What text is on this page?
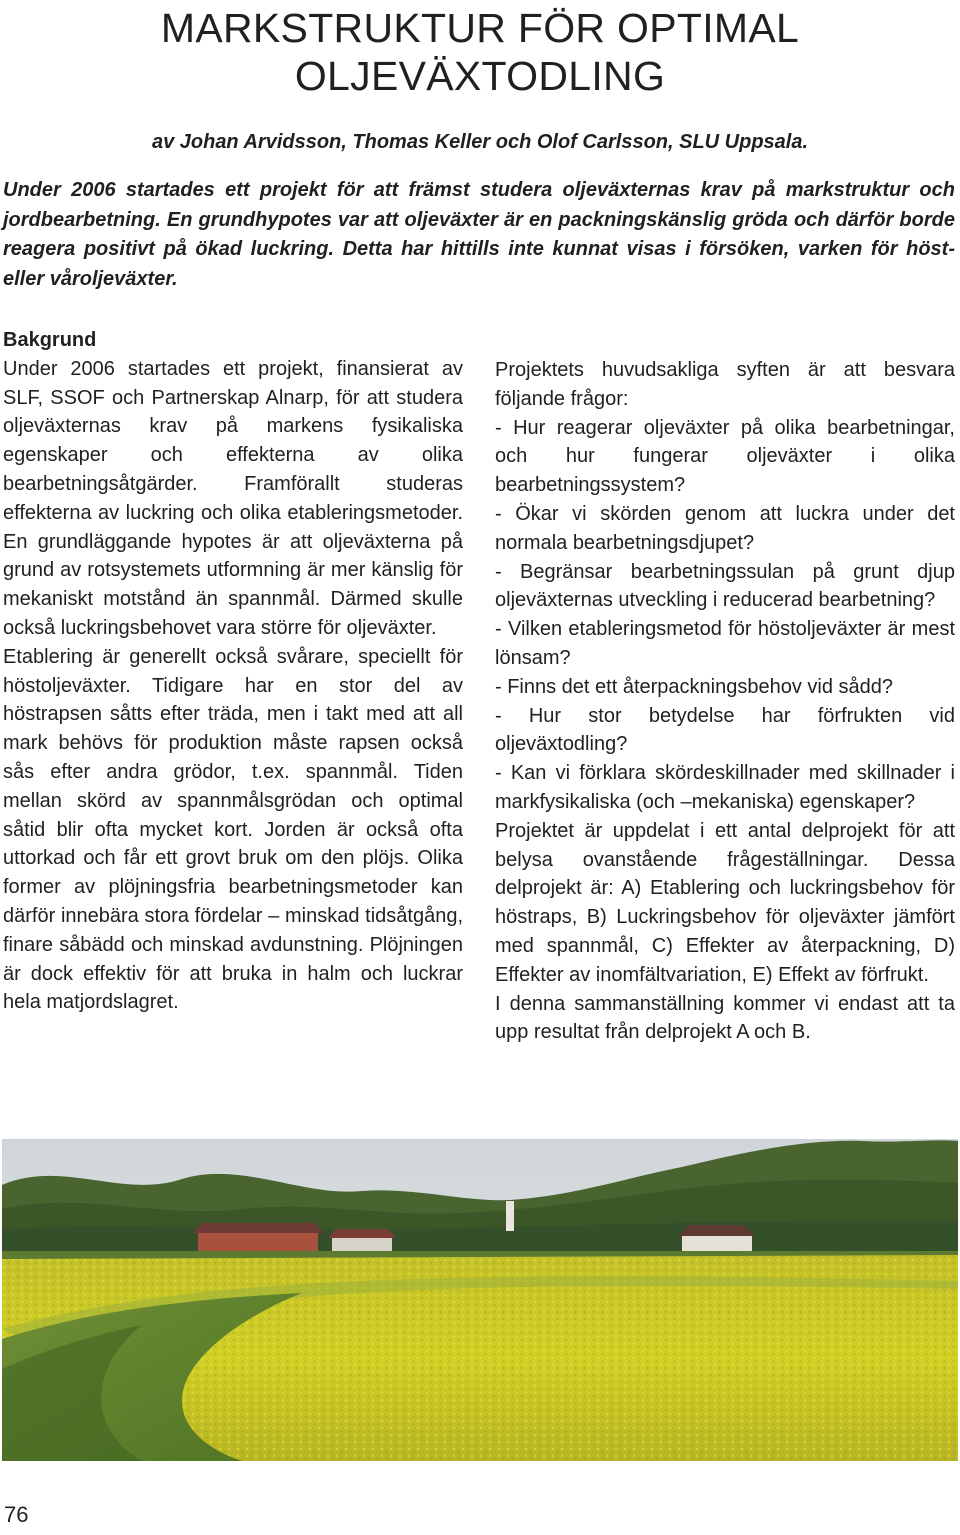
MARKSTRUKTUR FÖR OPTIMAL OLJEVÄXTODLING

av Johan Arvidsson, Thomas Keller och Olof Carlsson, SLU Uppsala.

Under 2006 startades ett projekt för att främst studera oljeväxternas krav på markstruktur och jordbearbetning. En grundhypotes var att oljeväxter är en packningskänslig gröda och därför borde reagera positivt på ökad luckring. Detta har hittills inte kunnat visas i försöken, varken för höst- eller våroljeväxter.

Bakgrund

Under 2006 startades ett projekt, finansierat av SLF, SSOF och Partnerskap Alnarp, för att studera oljeväxternas krav på markens fysikaliska egenskaper och effekterna av olika bearbetningsåtgärder. Framförallt studeras effekterna av luckring och olika etableringsmetoder. En grundläggande hypotes är att oljeväxterna på grund av rotsystemets utformning är mer känslig för mekaniskt motstånd än spannmål. Därmed skulle också luckringsbehovet vara större för oljeväxter.

Etablering är generellt också svårare, speciellt för höstoljeväxter. Tidigare har en stor del av höstrapsen såtts efter träda, men i takt med att all mark behövs för produktion måste rapsen också sås efter andra grödor, t.ex. spannmål. Tiden mellan skörd av spannmålsgrödan och optimal såtid blir ofta mycket kort. Jorden är också ofta uttorkad och får ett grovt bruk om den plöjs. Olika former av plöjningsfria bearbetningsmetoder kan därför innebära stora fördelar – minskad tidsåtgång, finare såbädd och minskad avdunstning. Plöjningen är dock effektiv för att bruka in halm och luckrar hela matjordslagret.

Projektets huvudsakliga syften är att besvara följande frågor:

- Hur reagerar oljeväxter på olika bearbetningar, och hur fungerar oljeväxter i olika bearbetningssystem?

- Ökar vi skörden genom att luckra under det normala bearbetningsdjupet?

- Begränsar bearbetningssulan på grunt djup oljeväxternas utveckling i reducerad bearbetning?

- Vilken etableringsmetod för höstoljeväxter är mest lönsam?

- Finns det ett återpackningsbehov vid sådd?

- Hur stor betydelse har förfrukten vid oljeväxtodling?

- Kan vi förklara skördeskillnader med skillnader i markfysikaliska (och –mekaniska) egenskaper?

Projektet är uppdelat i ett antal delprojekt för att belysa ovanstående frågeställningar. Dessa delprojekt är: A) Etablering och luckringsbehov för höstraps, B) Luckringsbehov för oljeväxter jämfört med spannmål, C) Effekter av återpackning, D) Effekter av inomfältvariation, E) Effekt av förfrukt.

I denna sammanställning kommer vi endast att ta upp resultat från delprojekt A och B.

76
